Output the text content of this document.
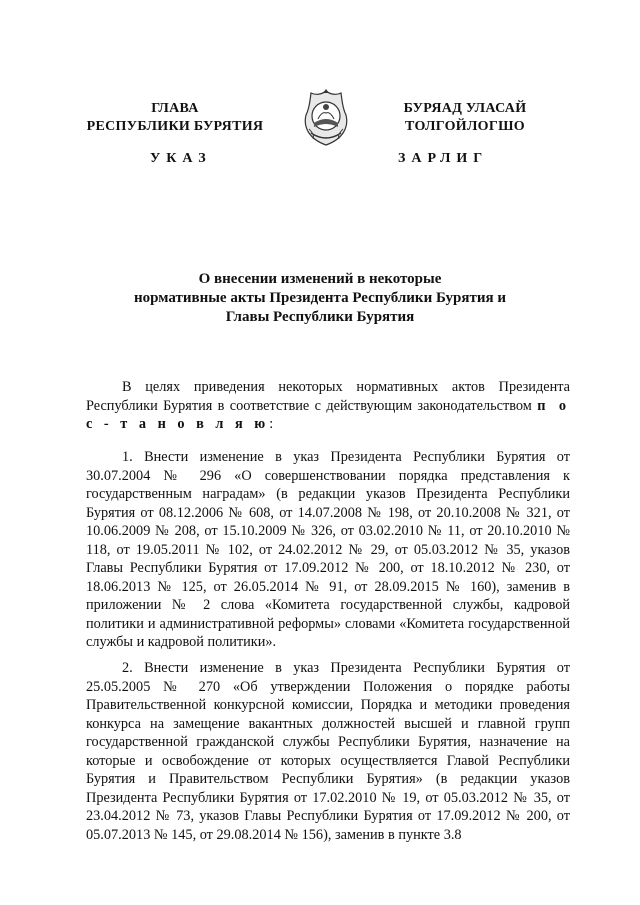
ГЛАВА
РЕСПУБЛИКИ БУРЯТИЯ
БУРЯАД УЛАСАЙ
ТОЛГОЙЛОГШО
УКАЗ	ЗАРЛИГ
О внесении изменений в некоторые
нормативные акты Президента Республики Бурятия и
Главы Республики Бурятия

В целях приведения некоторых нормативных актов Президента Республики Бурятия в соответствие с действующим законодательством п о с - т а н о в л я ю:

1. Внести изменение в указ Президента Республики Бурятия от 30.07.2004 № 296 «О совершенствовании порядка представления к государственным наградам» (в редакции указов Президента Республики Бурятия от 08.12.2006 № 608, от 14.07.2008 № 198, от 20.10.2008 № 321, от 10.06.2009 № 208, от 15.10.2009 № 326, от 03.02.2010 № 11, от 20.10.2010 № 118, от 19.05.2011 № 102, от 24.02.2012 № 29, от 05.03.2012 № 35, указов Главы Республики Бурятия от 17.09.2012 № 200, от 18.10.2012 № 230, от 18.06.2013 № 125, от 26.05.2014 № 91, от 28.09.2015 № 160), заменив в приложении № 2 слова «Комитета государственной службы, кадровой политики и административной реформы» словами «Комитета государственной службы и кадровой политики».

2. Внести изменение в указ Президента Республики Бурятия от 25.05.2005 № 270 «Об утверждении Положения о порядке работы Правительственной конкурсной комиссии, Порядка и методики проведения конкурса на замещение вакантных должностей высшей и главной групп государственной гражданской службы Республики Бурятия, назначение на которые и освобождение от которых осуществляется Главой Республики Бурятия и Правительством Республики Бурятия» (в редакции указов Президента Республики Бурятия от 17.02.2010 № 19, от 05.03.2012 № 35, от 23.04.2012 № 73, указов Главы Республики Бурятия от 17.09.2012 № 200, от 05.07.2013 № 145, от 29.08.2014 № 156), заменив в пункте 3.8
